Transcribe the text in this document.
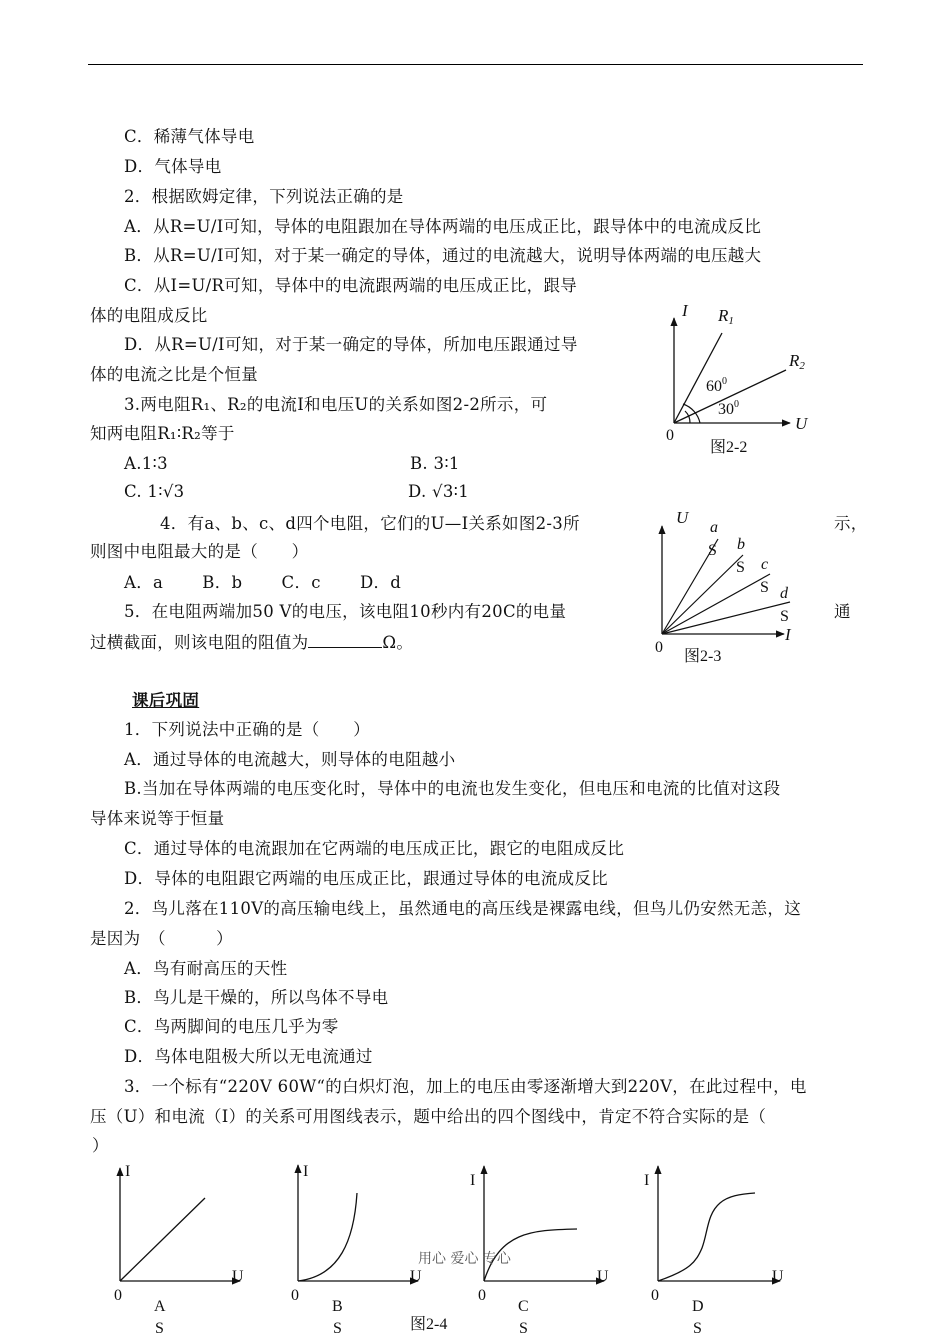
C．稀薄气体导电
D．气体导电
2．根据欧姆定律，下列说法正确的是
A．从R=U/I可知，导体的电阻跟加在导体两端的电压成正比，跟导体中的电流成反比
B．从R=U/I可知，对于某一确定的导体，通过的电流越大，说明导体两端的电压越大
C．从I=U/R可知，导体中的电流跟两端的电压成正比，跟导
体的电阻成反比
D．从R=U/I可知，对于某一确定的导体，所加电压跟通过导
体的电流之比是个恒量
3.两电阻R₁、R₂的电流I和电压U的关系如图2-2所示，可
知两电阻R₁∶R₂等于
A.1∶3	B. 3∶1
C. 1∶√3	D. √3∶1
4．有a、b、c、d四个电阻，它们的U—I关系如图2-3所	示，
则图中电阻最大的是（　　）
A．a　　 B．b　　 C．c　　 D．d
5．在电阻两端加50 V的电压，该电阻10秒内有20C的电量	通
过横截面，则该电阻的阻值为	Ω。
课后巩固
1．下列说法中正确的是（　　）
A．通过导体的电流越大，则导体的电阻越小
B.当加在导体两端的电压变化时，导体中的电流也发生变化，但电压和电流的比值对这段
导体来说等于恒量
C．通过导体的电流跟加在它两端的电压成正比，跟它的电阻成反比
D．导体的电阻跟它两端的电压成正比，跟通过导体的电流成反比
2．鸟儿落在110V的高压输电线上，虽然通电的高压线是裸露电线，但鸟儿仍安然无恙，这
是因为　（　　　）
A．鸟有耐高压的天性
B．鸟儿是干燥的，所以鸟体不导电
C．鸟两脚间的电压几乎为零
D．鸟体电阻极大所以无电流通过
3．一个标有“220V 60W“的白炽灯泡，加上的电压由零逐渐增大到220V，在此过程中，电
压（U）和电流（I）的关系可用图线表示，题中给出的四个图线中，肯定不符合实际的是（
）
I R1
R2
$60^0$
$30^0$
U
0
图2-2
U
a
S b
S c
S d
S
I
0
图2-3
I
U
0
A
S
I
U
0
B
S
I
U
0
C
S
I
U
0
D
S
图2-4
用心 爱心 专心
